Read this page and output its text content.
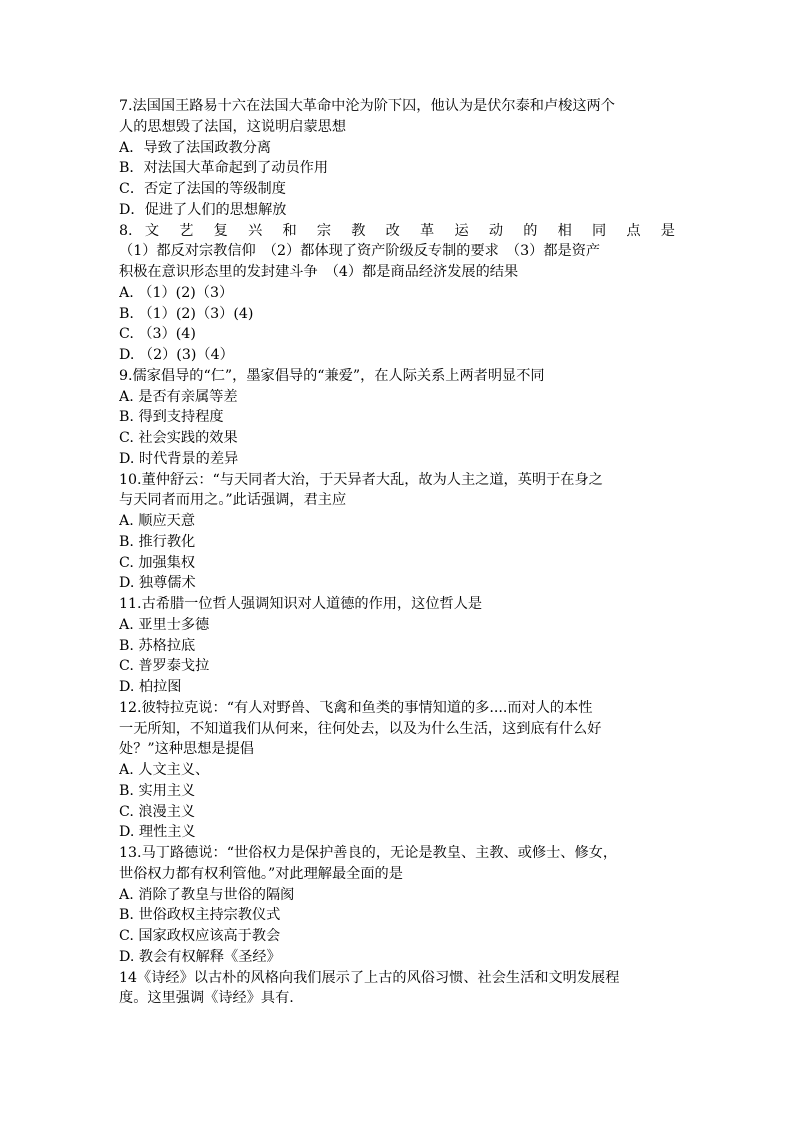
7.法国国王路易十六在法国大革命中沦为阶下囚，他认为是伏尔泰和卢梭这两个
人的思想毁了法国，这说明启蒙思想
A．导致了法国政教分离
B．对法国大革命起到了动员作用
C．否定了法国的等级制度
D．促进了人们的思想解放
8. 文 艺 复 兴 和 宗 教 改 革 运 动 的 相 同 点 是
（1）都反对宗教信仰　（2）都体现了资产阶级反专制的要求　（3）都是资产
积极在意识形态里的发封建斗争　（4）都是商品经济发展的结果
A. （1）(2)（3）
B. （1）(2)（3）(4)
C. （3）(4)
D. （2）(3)（4）
9.儒家倡导的“仁”，墨家倡导的“兼爱”，在人际关系上两者明显不同
A. 是否有亲属等差
B. 得到支持程度
C. 社会实践的效果
D. 时代背景的差异
10.董仲舒云：“与天同者大治，于天异者大乱，故为人主之道，英明于在身之
与天同者而用之。”此话强调，君主应
A. 顺应天意
B. 推行教化
C. 加强集权
D. 独尊儒术
11.古希腊一位哲人强调知识对人道德的作用，这位哲人是
A. 亚里士多德
B. 苏格拉底
C. 普罗泰戈拉
D. 柏拉图
12.彼特拉克说：“有人对野兽、飞禽和鱼类的事情知道的多....而对人的本性
一无所知，不知道我们从何来，往何处去，以及为什么生活，这到底有什么好
处？”这种思想是提倡
A. 人文主义、
B. 实用主义
C. 浪漫主义
D. 理性主义
13.马丁路德说：“世俗权力是保护善良的，无论是教皇、主教、或修士、修女，
世俗权力都有权利管他。”对此理解最全面的是
A. 消除了教皇与世俗的隔阂
B. 世俗政权主持宗教仪式
C. 国家政权应该高于教会
D. 教会有权解释《圣经》
14《诗经》以古朴的风格向我们展示了上古的风俗习惯、社会生活和文明发展程
度。这里强调《诗经》具有.
